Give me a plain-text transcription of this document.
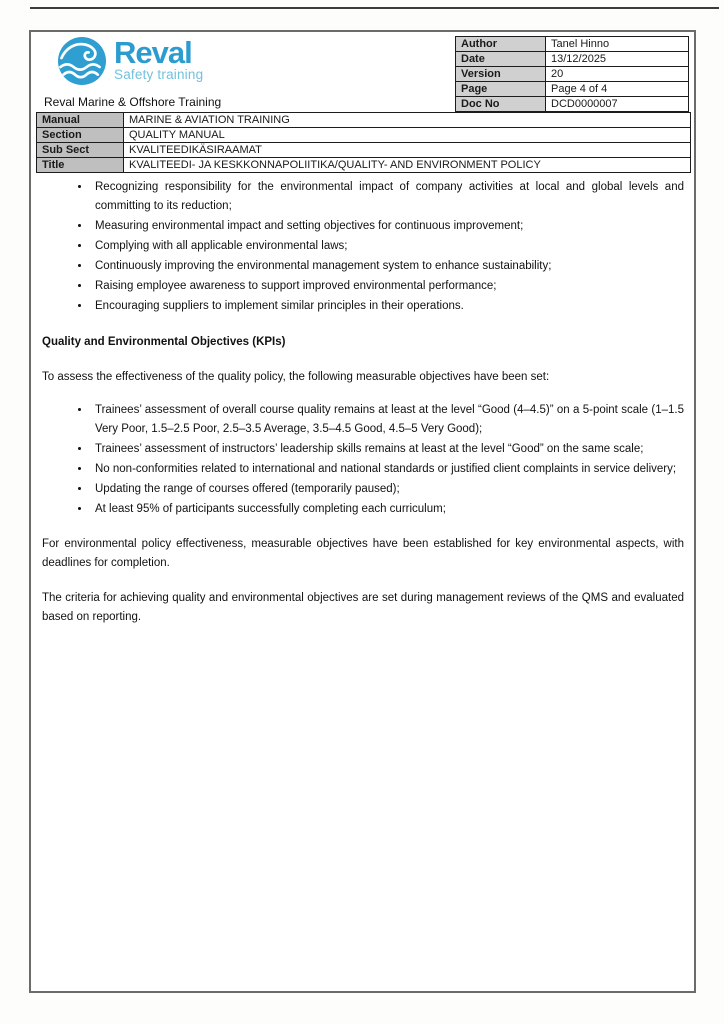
Reval
Safety training
Author	Tanel Hinno
Date	13/12/2025
Version	20
Page	Page 4 of 4
Doc No	DCD0000007
Reval Marine & Offshore Training
Manual	MARINE & AVIATION TRAINING
Section	QUALITY MANUAL
Sub Sect	KVALITEEDIKÄSIRAAMAT
Title	KVALITEEDI- JA KESKKONNAPOLIITIKA/QUALITY- AND ENVIRONMENT POLICY
• Recognizing responsibility for the environmental impact of company activities at local and global levels and committing to its reduction;
• Measuring environmental impact and setting objectives for continuous improvement;
• Complying with all applicable environmental laws;
• Continuously improving the environmental management system to enhance sustainability;
• Raising employee awareness to support improved environmental performance;
• Encouraging suppliers to implement similar principles in their operations.
Quality and Environmental Objectives (KPIs)

To assess the effectiveness of the quality policy, the following measurable objectives have been set:

• Trainees’ assessment of overall course quality remains at least at the level “Good (4–4.5)” on a 5-point scale (1–1.5 Very Poor, 1.5–2.5 Poor, 2.5–3.5 Average, 3.5–4.5 Good, 4.5–5 Very Good);
• Trainees’ assessment of instructors’ leadership skills remains at least at the level “Good” on the same scale;
• No non-conformities related to international and national standards or justified client complaints in service delivery;
• Updating the range of courses offered (temporarily paused);
• At least 95% of participants successfully completing each curriculum;

For environmental policy effectiveness, measurable objectives have been established for key environmental aspects, with deadlines for completion.

The criteria for achieving quality and environmental objectives are set during management reviews of the QMS and evaluated based on reporting.
